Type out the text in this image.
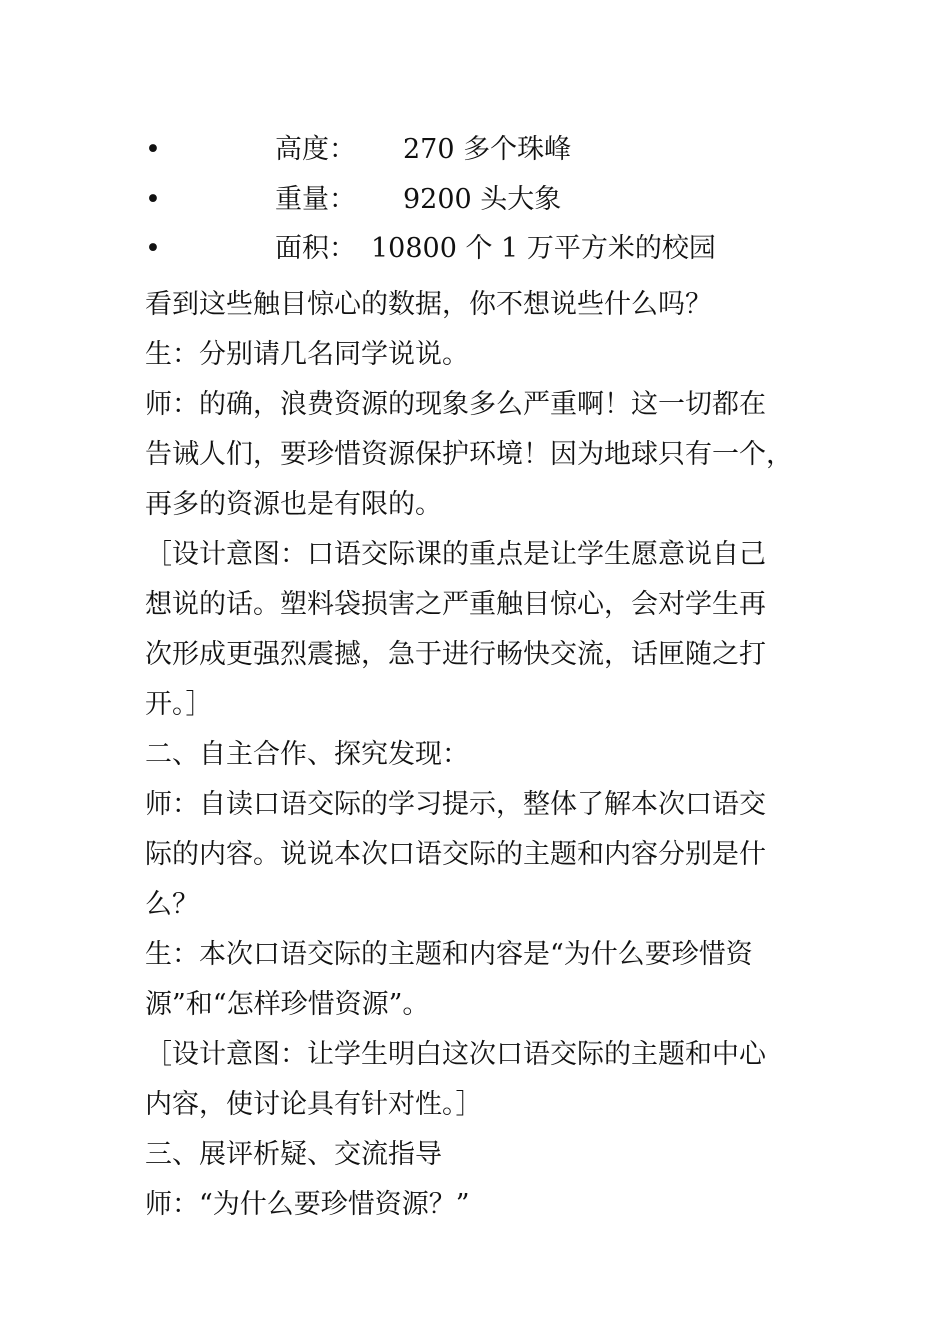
•	高度： 270 多个珠峰
•	重量： 9200 头大象
•	面积： 10800 个 1 万平方米的校园
看到这些触目惊心的数据，你不想说些什么吗？
生：分别请几名同学说说。
师：的确，浪费资源的现象多么严重啊！这一切都在
告诫人们，要珍惜资源保护环境！因为地球只有一个，
再多的资源也是有限的。
［设计意图：口语交际课的重点是让学生愿意说自己
想说的话。塑料袋损害之严重触目惊心，会对学生再
次形成更强烈震撼，急于进行畅快交流，话匣随之打
开。］
二、自主合作、探究发现：
师：自读口语交际的学习提示，整体了解本次口语交
际的内容。说说本次口语交际的主题和内容分别是什
么？
生：本次口语交际的主题和内容是“为什么要珍惜资
源”和“怎样珍惜资源”。
［设计意图：让学生明白这次口语交际的主题和中心
内容，使讨论具有针对性。］
三、展评析疑、交流指导
师：“为什么要珍惜资源？”
